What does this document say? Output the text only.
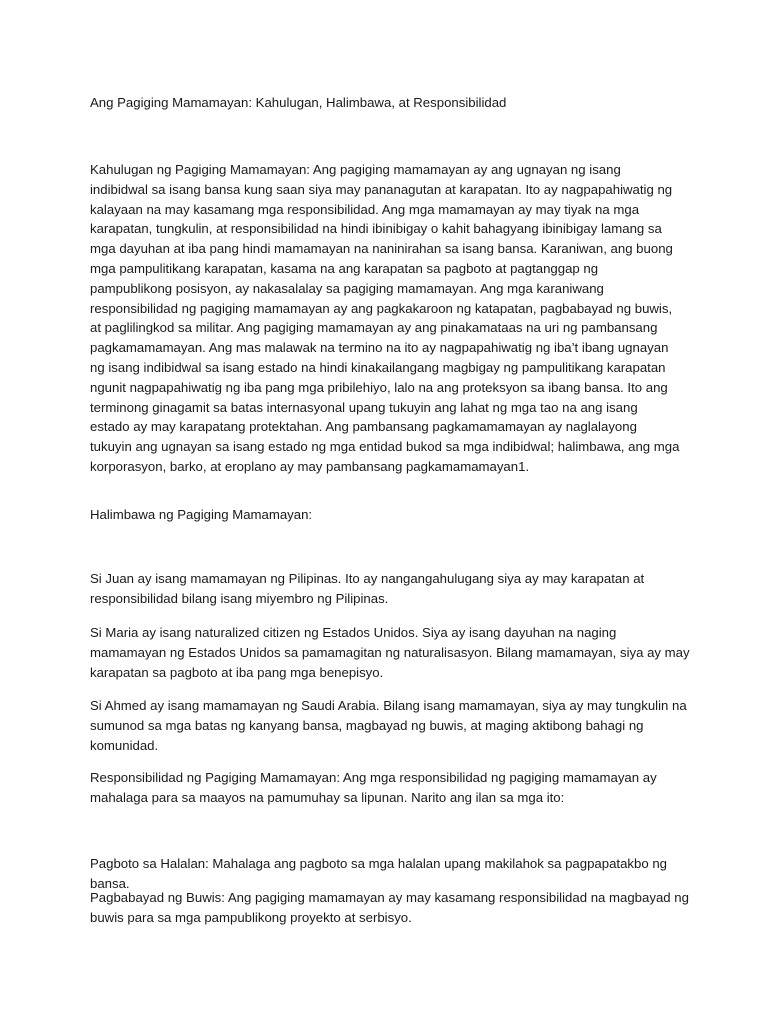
Ang Pagiging Mamamayan: Kahulugan, Halimbawa, at Responsibilidad

Kahulugan ng Pagiging Mamamayan: Ang pagiging mamamayan ay ang ugnayan ng isang indibidwal sa isang bansa kung saan siya may pananagutan at karapatan. Ito ay nagpapahiwatig ng kalayaan na may kasamang mga responsibilidad. Ang mga mamamayan ay may tiyak na mga karapatan, tungkulin, at responsibilidad na hindi ibinibigay o kahit bahagyang ibinibigay lamang sa mga dayuhan at iba pang hindi mamamayan na naninirahan sa isang bansa. Karaniwan, ang buong mga pampulitikang karapatan, kasama na ang karapatan sa pagboto at pagtanggap ng pampublikong posisyon, ay nakasalalay sa pagiging mamamayan. Ang mga karaniwang responsibilidad ng pagiging mamamayan ay ang pagkakaroon ng katapatan, pagbabayad ng buwis, at paglilingkod sa militar. Ang pagiging mamamayan ay ang pinakamataas na uri ng pambansang pagkamamamayan. Ang mas malawak na termino na ito ay nagpapahiwatig ng iba’t ibang ugnayan ng isang indibidwal sa isang estado na hindi kinakailangang magbigay ng pampulitikang karapatan ngunit nagpapahiwatig ng iba pang mga pribilehiyo, lalo na ang proteksyon sa ibang bansa. Ito ang terminong ginagamit sa batas internasyonal upang tukuyin ang lahat ng mga tao na ang isang estado ay may karapatang protektahan. Ang pambansang pagkamamamayan ay naglalayong tukuyin ang ugnayan sa isang estado ng mga entidad bukod sa mga indibidwal; halimbawa, ang mga korporasyon, barko, at eroplano ay may pambansang pagkamamamayan1.

Halimbawa ng Pagiging Mamamayan:

Si Juan ay isang mamamayan ng Pilipinas. Ito ay nangangahulugang siya ay may karapatan at responsibilidad bilang isang miyembro ng Pilipinas.

Si Maria ay isang naturalized citizen ng Estados Unidos. Siya ay isang dayuhan na naging mamamayan ng Estados Unidos sa pamamagitan ng naturalisasyon. Bilang mamamayan, siya ay may karapatan sa pagboto at iba pang mga benepisyo.

Si Ahmed ay isang mamamayan ng Saudi Arabia. Bilang isang mamamayan, siya ay may tungkulin na sumunod sa mga batas ng kanyang bansa, magbayad ng buwis, at maging aktibong bahagi ng komunidad.

Responsibilidad ng Pagiging Mamamayan: Ang mga responsibilidad ng pagiging mamamayan ay mahalaga para sa maayos na pamumuhay sa lipunan. Narito ang ilan sa mga ito:

Pagboto sa Halalan: Mahalaga ang pagboto sa mga halalan upang makilahok sa pagpapatakbo ng bansa.

Pagbabayad ng Buwis: Ang pagiging mamamayan ay may kasamang responsibilidad na magbayad ng buwis para sa mga pampublikong proyekto at serbisyo.
